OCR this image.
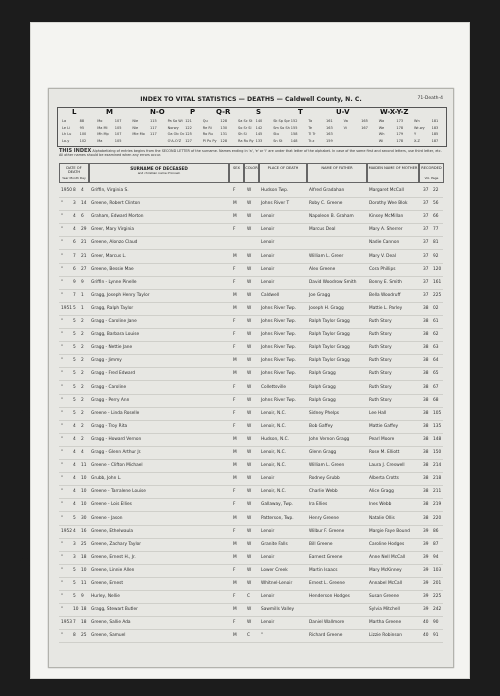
INDEX TO VITAL STATISTICS — DEATHS — Caldwell County, N. C.	71-Death-4
L	M	N-O	P	Q-R	S	T	U-V	W-X-Y-Z
La	88	Mo	107	Nie	115	Pa Sa Wi 121	Qu	128	Sa Sc St 140	Sk Sp Spr 152	Ta	161	Va	165	Wa	173	Wn	181
Le Li	95	Ma Mi 105	Nie	117	Norwy 122	Re Ri 130	So Sr Sl 142	Sm So Sh 155	Te	163	Vi	167	We	178	Wr-wy 183
Lh Lu 100	Mh Mp 107	Mie Mo 117	Oa Ob Oc 125	Ro Ru 131	Sh Si	145	Stu	158	Ti Tr	163	Wh	179	Y	185
Lo-y	102	Ma	105	O'A-O'Z 127	Pl Pu Py 128	Ra Ru Ry 133	Sn St 148	Tr-z	159	Wi	178	X-Z	187
THIS INDEX Alphabetizing of entries begins from the SECOND LETTER of the surname. Names ending in 'a', 'e' or 'i' are under that letter of the alphabet. In case of the same first and second letters, use third letter, etc. All other names should be examined when any errors occur.
DATE OF DEATH
Year Month Day
SURNAME OF DECEASED
and christian name if known
SEX	COLOR	PLACE OF DEATH	NAME OF FATHER	MAIDEN NAME OF MOTHER	RECORDED
Vol. Page
1950 8 4 Griffin, Virginia S.	F	W Hudson Twp.	Alfred Gradahan	Margaret McCall	37 22
" 3 14 Greene, Robert Clinton	M W Johns River T	Roby C. Greene	Dorothy Wee Blok	37 56
" 4 6 Graham, Edward Morton	M W Lenoir	Napoleon B. Graham	Kinsey McMillan	37 66
" 4 29 Greer, Mary Virginia	F	W Lenoir	Marcus Deal	Mary A. Sherrer	37 77
" 6 21 Greene, Alonzo Claud	Lenoir	Nadie Cannon	37 81
" 7 21 Greer, Marcus L.	M W Lenoir	William L. Greer	Mary V. Deal	37 92
" 6 27 Greene, Bessie Mae	F	W Lenoir	Alex Greene	Cora Phillips	37 120
" 9 9 Griffin - Lynne Pinelle	F	W Lenoir	David Woodrow Smith	Bonny E. Smith	37 161
" 7 1 Gragg, Joseph Henry Taylor	M W Caldwell	Joe Gragg	Bella Woodruff	37 225
1951 5 1 Gragg, Ralph Taylor	M W Johns River Twp.	Joseph H. Gragg	Mattie L. Parley	38 02
" 5 2 Gragg - Caroline Jane	F	W Johns River Twp.	Ralph Taylor Gragg	Ruth Story	38 61
" 5 2 Gragg, Barbara Louise	F	W Johns River Twp.	Ralph Taylor Gragg	Ruth Story	38 62
" 5 2 Gragg - Nettie Jane	F	W Johns River Twp.	Ralph Taylor Gragg	Ruth Story	38 63
" 5 2 Gragg - Jimmy	M W Johns River Twp.	Ralph Taylor Gragg	Ruth Story	38 64
" 5 2 Gragg - Fred Edward	M W Johns River Twp.	Ralph Gragg	Ruth Story	38 65
" 5 2 Gragg - Caroline	F	W Collettsville	Ralph Gragg	Ruth Story	38 67
" 5 2 Gragg - Perry Ann	F	W Johns River Twp.	Ralph Gragg	Ruth Story	38 68
" 5 2 Greene - Linda Roselle	F	W Lenoir, N.C.	Sidney Phelps	Lee Hall	38 105
" 4 2 Gragg - Troy Rita	F	W Lenoir, N.C.	Bob Gaffey	Mattie Gaffey	38 135
" 4 2 Gragg - Howard Vernon	M W Hudson, N.C.	John Vernon Gragg	Pearl Moore	38 148
" 4 4 Gragg - Glenn Arthur Jr.	M W Lenoir, N.C.	Glenn Gragg	Rose M. Elliott	38 150
" 4 11 Greene - Clifton Michael	M W Lenoir, N.C.	William L. Green	Laura J. Creswell	38 214
" 4 10 Grubb, John L.	M W Lenoir	Rodney Grubb	Alberta Crotts	38 218
" 4 10 Greene - Tarralene Louise	F	W Lenoir, N.C.	Charlie Webb	Alice Gragg	38 211
" 4 10 Greene - Lois Ellies	F	W Gallaway, Twp.	Ira Ellies	Ines Webb	38 219
" 5 30 Greene - Jason	M W Patterson, Twp.	Henry Greene	Natalie Ollis	38 220
1952 4 16 Greene, Ethelwaula	F	W Lenoir	Wilbur F. Greene	Margie Faye Bound	39 86
" 3 25 Greene, Zachary Taylor	M W Granite Falls	Bill Greene	Caroline Hodges	39 87
" 3 18 Greene, Ernest H., Jr.	M W Lenoir	Earnest Greene	Anne Nell McCall	39 94
" 5 10 Greene, Linnie Allen	F	W Lower Creek	Martin Isaacs	Mary McKinney	39 103
" 5 11 Greene, Ernest	M W Whitnel-Lenoir	Ernest L. Greene	Annabel McCall	39 201
" 5 9 Hurley, Nellie	F	C	Lenoir	Henderson Hodges	Susan Greene	39 225
" 10 18 Gragg, Stewart Butler	M W Sawmills Valley	Sylvia Mitchell	39 242
1953 7 18 Greene, Sallie Ada	F	W Lenoir	Daniel Wallmore	Martha Greene	40 90
" 8 25 Greene, Samuel	M C	"	Richard Greene	Lizzie Robinson	40 91
